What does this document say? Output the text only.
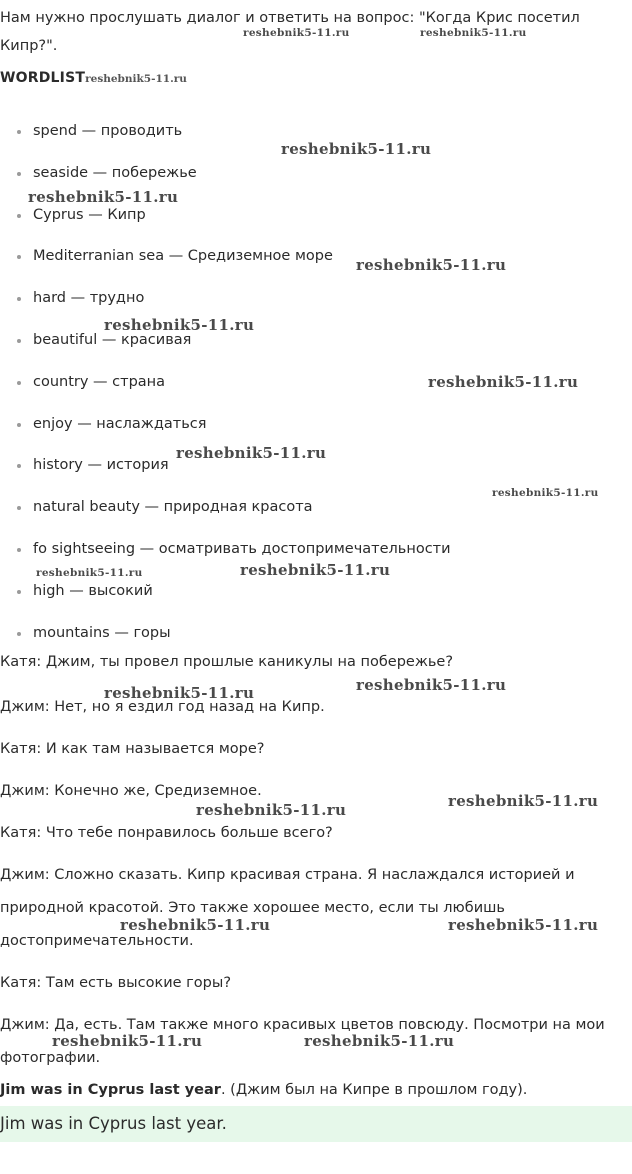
Нам нужно прослушать диалог и ответить на вопрос: "Когда Крис посетил Кипр?".

WORDLISTreshebnik5-11.ru

spend — проводить
seaside — побережье
Cyprus — Кипр
Mediterranian sea — Средиземное море
hard — трудно
beautiful — красивая
country — страна
enjoy — наслаждаться
history — история
natural beauty — природная красота
fo sightseeing — осматривать достопримечательности
high — высокий
mountains — горы

Катя: Джим, ты провел прошлые каникулы на побережье?

Джим: Нет, но я ездил год назад на Кипр.

Катя: И как там называется море?

Джим: Конечно же, Средиземное.

Катя: Что тебе понравилось больше всего?

Джим: Сложно сказать. Кипр красивая страна. Я наслаждался историей и

природной красотой. Это также хорошее место, если ты любишь

достопримечательности.

Катя: Там есть высокие горы?

Джим: Да, есть. Там также много красивых цветов повсюду. Посмотри на мои

фотографии.

Jim was in Cyprus last year. (Джим был на Кипре в прошлом году).

Jim was in Cyprus last year.
reshebnik5-11.ru	reshebnik5-11.ru
reshebnik5-11.ru
reshebnik5-11.ru
reshebnik5-11.ru
reshebnik5-11.ru
reshebnik5-11.ru
reshebnik5-11.ru
reshebnik5-11.ru
reshebnik5-11.ru	reshebnik5-11.ru
reshebnik5-11.ru
reshebnik5-11.ru
reshebnik5-11.ru
reshebnik5-11.ru
reshebnik5-11.ru	reshebnik5-11.ru
reshebnik5-11.ru	reshebnik5-11.ru
